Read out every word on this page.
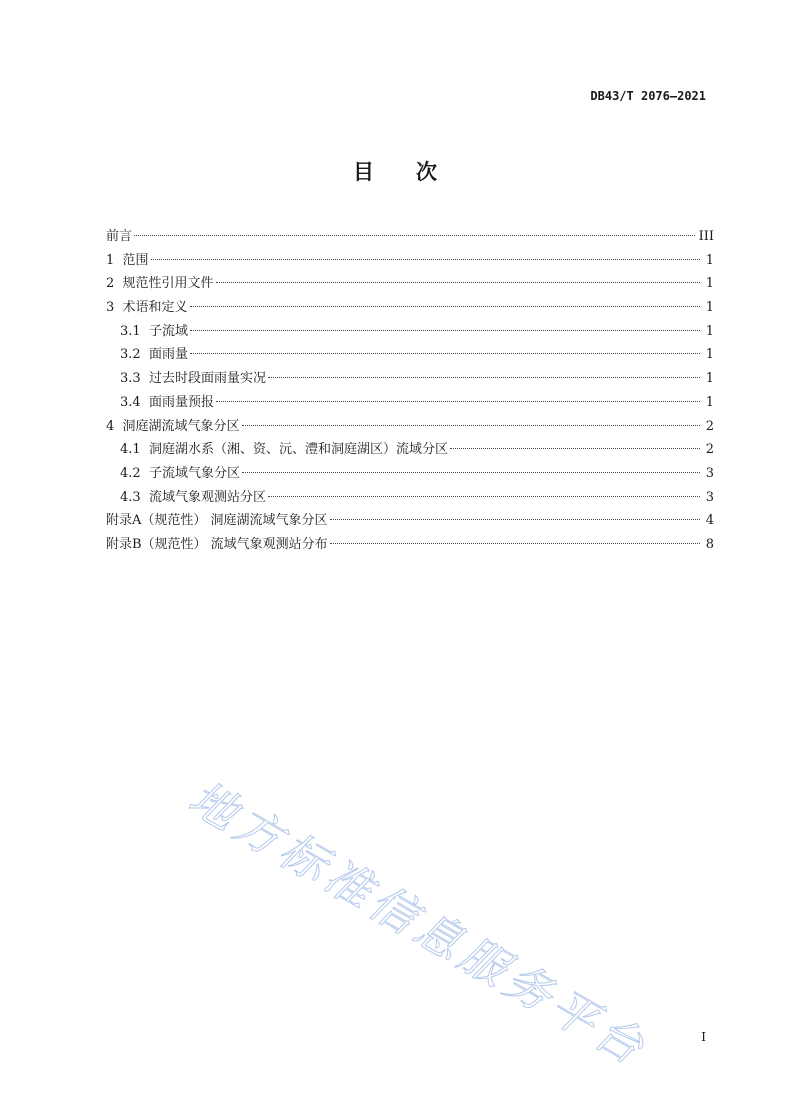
DB43/T 2076—2021
目 次
前言	III
1 范围	1
2 规范性引用文件	1
3 术语和定义	1
3.1 子流域	1
3.2 面雨量	1
3.3 过去时段面雨量实况	1
3.4 面雨量预报	1
4 洞庭湖流域气象分区	2
4.1 洞庭湖水系（湘、资、沅、澧和洞庭湖区）流域分区	2
4.2 子流域气象分区	3
4.3 流域气象观测站分区	3
附录A（规范性） 洞庭湖流域气象分区	4
附录B（规范性） 流域气象观测站分布	8
地方标准信息服务平台	I
